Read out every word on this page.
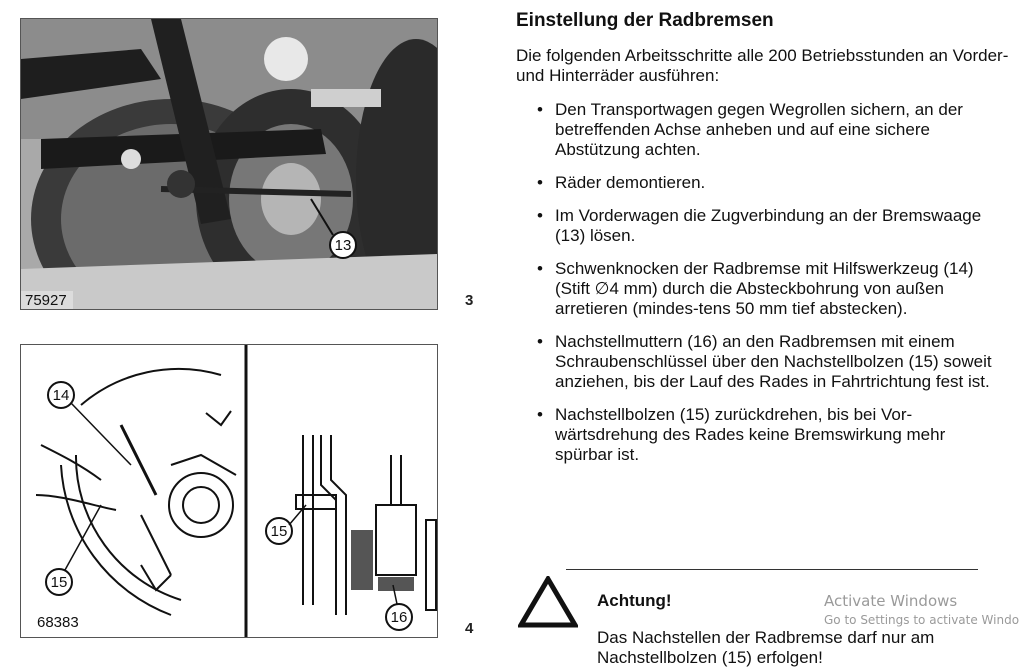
13
75927	3
14
15
15
16
68383	4
Einstellung der Radbremsen

Die folgenden Arbeitsschritte alle 200 Betriebsstunden an Vorder- und Hinterräder ausführen:

• Den Transportwagen gegen Wegrollen sichern, an der betreffenden Achse anheben und auf eine sichere Abstützung achten.
• Räder demontieren.
• Im Vorderwagen die Zugverbindung an der Bremswaage (13) lösen.
• Schwenknocken der Radbremse mit Hilfswerkzeug (14) (Stift ∅4 mm) durch die Absteckbohrung von außen arretieren (mindes-tens 50 mm tief abstecken).
• Nachstellmuttern (16) an den Radbremsen mit einem Schraubenschlüssel über den Nachstellbolzen (15) soweit anziehen, bis der Lauf des Rades in Fahrtrichtung fest ist.
• Nachstellbolzen (15) zurückdrehen, bis bei Vor-wärtsdrehung des Rades keine Bremswirkung mehr spürbar ist.
Achtung!
Das Nachstellen der Radbremse darf nur am Nachstellbolzen (15) erfolgen!
Activate Windows
Go to Settings to activate Windo
